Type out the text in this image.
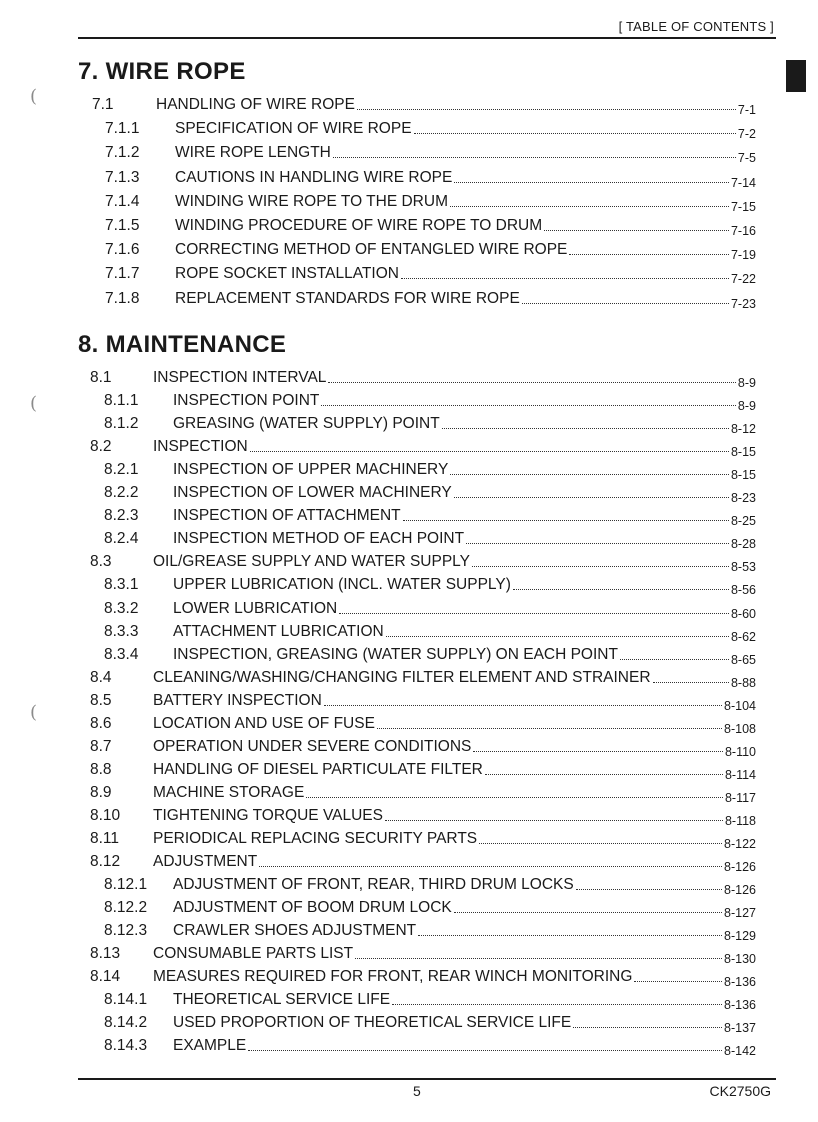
[ TABLE OF CONTENTS ]
(
(
(
7. WIRE ROPE
7.1	HANDLING OF WIRE ROPE	7-1
7.1.1 SPECIFICATION OF WIRE ROPE	7-2
7.1.2 WIRE ROPE LENGTH	7-5
7.1.3 CAUTIONS IN HANDLING WIRE ROPE	7-14
7.1.4 WINDING WIRE ROPE TO THE DRUM	7-15
7.1.5 WINDING PROCEDURE OF WIRE ROPE TO DRUM	7-16
7.1.6 CORRECTING METHOD OF ENTANGLED WIRE ROPE	7-19
7.1.7 ROPE SOCKET INSTALLATION	7-22
7.1.8 REPLACEMENT STANDARDS FOR WIRE ROPE	7-23
8. MAINTENANCE
8.1	INSPECTION INTERVAL	8-9
8.1.1 INSPECTION POINT	8-9
8.1.2 GREASING (WATER SUPPLY) POINT	8-12
8.2	INSPECTION	8-15
8.2.1 INSPECTION OF UPPER MACHINERY	8-15
8.2.2 INSPECTION OF LOWER MACHINERY	8-23
8.2.3 INSPECTION OF ATTACHMENT	8-25
8.2.4 INSPECTION METHOD OF EACH POINT	8-28
8.3	OIL/GREASE SUPPLY AND WATER SUPPLY	8-53
8.3.1 UPPER LUBRICATION (INCL. WATER SUPPLY)	8-56
8.3.2 LOWER LUBRICATION	8-60
8.3.3 ATTACHMENT LUBRICATION	8-62
8.3.4 INSPECTION, GREASING (WATER SUPPLY) ON EACH POINT	8-65
8.4	CLEANING/WASHING/CHANGING FILTER ELEMENT AND STRAINER	8-88
8.5	BATTERY INSPECTION	8-104
8.6	LOCATION AND USE OF FUSE	8-108
8.7	OPERATION UNDER SEVERE CONDITIONS	8-110
8.8	HANDLING OF DIESEL PARTICULATE FILTER	8-114
8.9	MACHINE STORAGE	8-117
8.10 TIGHTENING TORQUE VALUES	8-118
8.11 PERIODICAL REPLACING SECURITY PARTS	8-122
8.12 ADJUSTMENT	8-126
8.12.1 ADJUSTMENT OF FRONT, REAR, THIRD DRUM LOCKS	8-126
8.12.2 ADJUSTMENT OF BOOM DRUM LOCK	8-127
8.12.3 CRAWLER SHOES ADJUSTMENT	8-129
8.13 CONSUMABLE PARTS LIST	8-130
8.14 MEASURES REQUIRED FOR FRONT, REAR WINCH MONITORING	8-136
8.14.1 THEORETICAL SERVICE LIFE	8-136
8.14.2 USED PROPORTION OF THEORETICAL SERVICE LIFE	8-137
8.14.3 EXAMPLE	8-142
5	CK2750G
